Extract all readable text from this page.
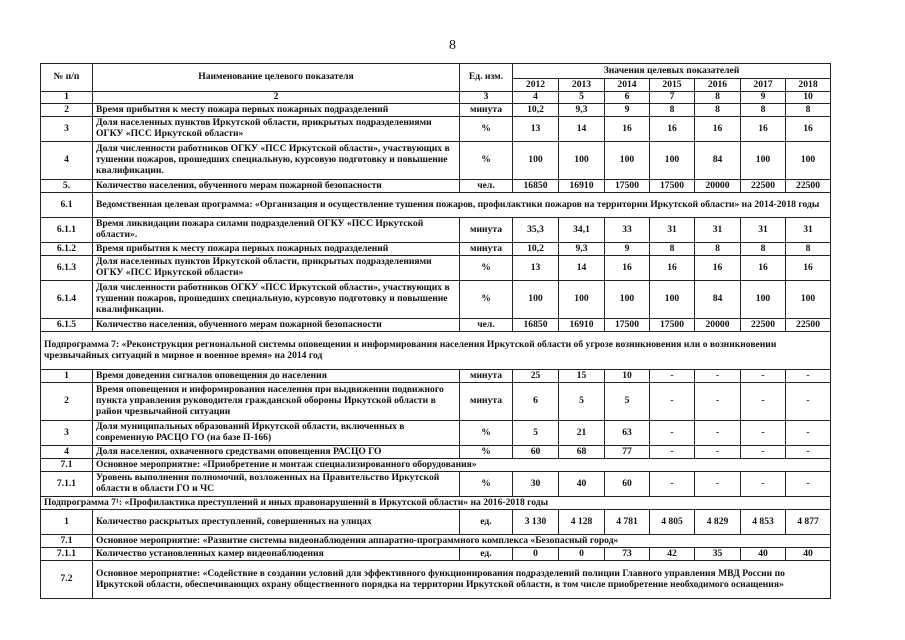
8
№ п/п	Наименование целевого показателя	Ед. изм.	Значения целевых показателей						
			2012	2013	2014	2015	2016	2017	2018
1	2	3	4	5	6	7	8	9	10
2	Время прибытия к месту пожара первых пожарных подразделений	минута	10,2	9,3	9	8	8	8	8
3	Доля населенных пунктов Иркутской области, прикрытых подразделениями ОГКУ «ПСС Иркутской области»	%	13	14	16	16	16	16	16
4	Доля численности работников ОГКУ «ПСС Иркутской области», участвующих в тушении пожаров, прошедших специальную, курсовую подготовку и повышение квалификации.	%	100	100	100	100	84	100	100
5.	Количество населения, обученного мерам пожарной безопасности	чел.	16850	16910	17500	17500	20000	22500	22500
6.1	Ведомственная целевая программа: «Организация и осуществление тушения пожаров, профилактики пожаров на территории Иркутской области» на 2014-2018 годы								
6.1.1	Время ликвидации пожара силами подразделений ОГКУ «ПСС Иркутской области».	минута	35,3	34,1	33	31	31	31	31
6.1.2	Время прибытия к месту пожара первых пожарных подразделений	минута	10,2	9,3	9	8	8	8	8
6.1.3	Доля населенных пунктов Иркутской области, прикрытых подразделениями ОГКУ «ПСС Иркутской области»	%	13	14	16	16	16	16	16
6.1.4	Доля численности работников ОГКУ «ПСС Иркутской области», участвующих в тушении пожаров, прошедших специальную, курсовую подготовку и повышение квалификации.	%	100	100	100	100	84	100	100
6.1.5	Количество населения, обученного мерам пожарной безопасности	чел.	16850	16910	17500	17500	20000	22500	22500
Подпрограмма 7: «Реконструкция региональной системы оповещения и информирования населения Иркутской области об угрозе возникновения или о возникновении чрезвычайных ситуаций в мирное и военное время» на 2014 год									
1	Время доведения сигналов оповещения до населения	минута	25	15	10	-	-	-	-
2	Время оповещения и информирования населения при выдвижении подвижного пункта управления руководителя гражданской обороны Иркутской области в район чрезвычайной ситуации	минута	6	5	5	-	-	-	-
3	Доля муниципальных образований Иркутской области, включенных в современную РАСЦО ГО (на базе П-166)	%	5	21	63	-	-	-	-
4	Доля населения, охваченного средствами оповещения РАСЦО ГО	%	60	68	77	-	-	-	-
7.1	Основное мероприятие: «Приобретение и монтаж специализированного оборудования»								
7.1.1	Уровень выполнения полномочий, возложенных на Правительство Иркутской области в области ГО и ЧС	%	30	40	60	-	-	-	-
Подпрограмма 7¹: «Профилактика преступлений и иных правонарушений в Иркутской области» на 2016-2018 годы									
1	Количество раскрытых преступлений, совершенных на улицах	ед.	3 130	4 128	4 781	4 805	4 829	4 853	4 877
7.1	Основное мероприятие: «Развитие системы видеонаблюдения аппаратно-программного комплекса «Безопасный город»								
7.1.1	Количество установленных камер видеонаблюдения	ед.	0	0	73	42	35	40	40
7.2	Основное мероприятие: «Содействие в создании условий для эффективного функционирования подразделений полиции Главного управления МВД России по Иркутской области, обеспечивающих охрану общественного порядка на территории Иркутской области, в том числе приобретение необходимого оснащения»								
